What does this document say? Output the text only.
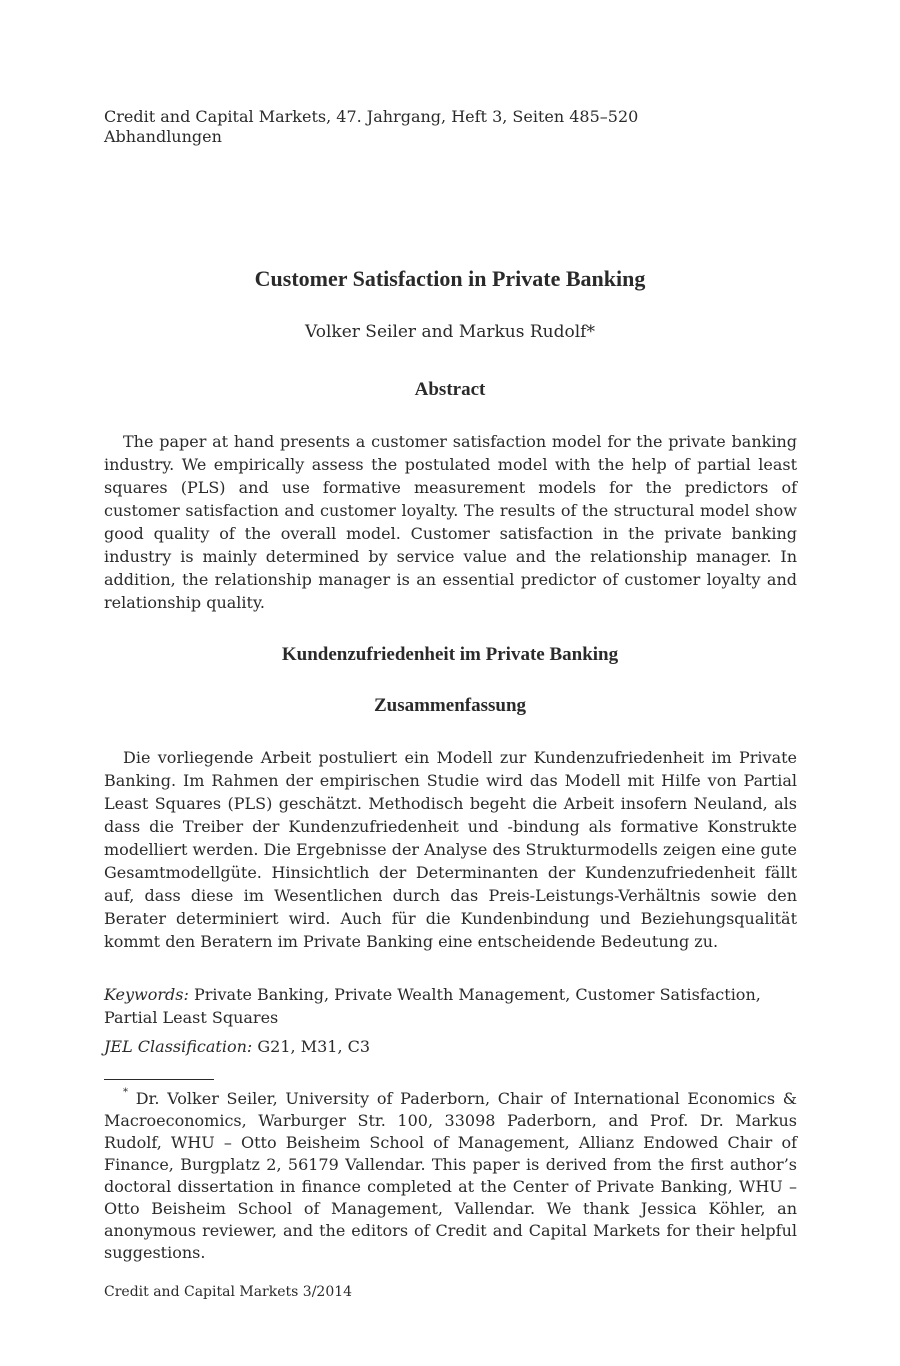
Credit and Capital Markets, 47. Jahrgang, Heft 3, Seiten 485–520
Abhandlungen
Customer Satisfaction in Private Banking
Volker Seiler and Markus Rudolf*
Abstract
The paper at hand presents a customer satisfaction model for the private banking industry. We empirically assess the postulated model with the help of partial least squares (PLS) and use formative measurement models for the predictors of customer satisfaction and customer loyalty. The results of the structural model show good quality of the overall model. Customer satisfaction in the private banking industry is mainly determined by service value and the relationship manager. In addition, the relationship manager is an essential predictor of customer loyalty and relationship quality.
Kundenzufriedenheit im Private Banking
Zusammenfassung
Die vorliegende Arbeit postuliert ein Modell zur Kundenzufriedenheit im Private Banking. Im Rahmen der empirischen Studie wird das Modell mit Hilfe von Partial Least Squares (PLS) geschätzt. Methodisch begeht die Arbeit insofern Neuland, als dass die Treiber der Kundenzufriedenheit und -bindung als formative Konstrukte modelliert werden. Die Ergebnisse der Analyse des Strukturmodells zeigen eine gute Gesamtmodellgüte. Hinsichtlich der Determinanten der Kundenzufriedenheit fällt auf, dass diese im Wesentlichen durch das Preis-Leistungs-Verhältnis sowie den Berater determiniert wird. Auch für die Kundenbindung und Beziehungsqualität kommt den Beratern im Private Banking eine entscheidende Bedeutung zu.
Keywords: Private Banking, Private Wealth Management, Customer Satisfaction, Partial Least Squares
JEL Classification: G21, M31, C3
* Dr. Volker Seiler, University of Paderborn, Chair of International Economics & Macroeconomics, Warburger Str. 100, 33098 Paderborn, and Prof. Dr. Markus Rudolf, WHU – Otto Beisheim School of Management, Allianz Endowed Chair of Finance, Burgplatz 2, 56179 Vallendar. This paper is derived from the first author’s doctoral dissertation in finance completed at the Center of Private Banking, WHU – Otto Beisheim School of Management, Vallendar. We thank Jessica Köhler, an anonymous reviewer, and the editors of Credit and Capital Markets for their helpful suggestions.
Credit and Capital Markets 3/2014
